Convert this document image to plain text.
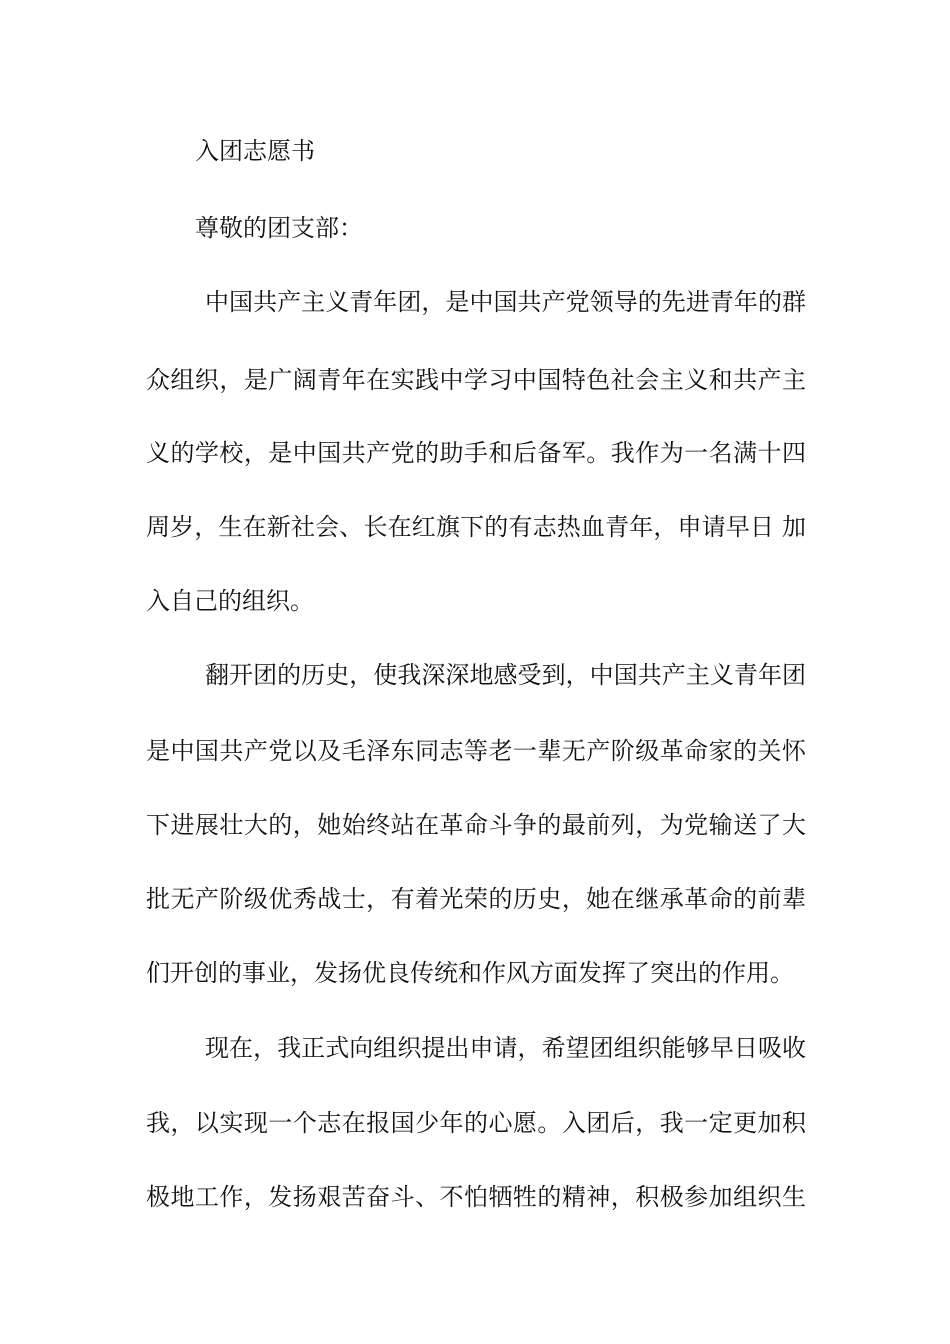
入团志愿书
尊敬的团支部：
中国共产主义青年团，是中国共产党领导的先进青年的群
众组织，是广阔青年在实践中学习中国特色社会主义和共产主
义的学校，是中国共产党的助手和后备军。我作为一名满十四
周岁，生在新社会、长在红旗下的有志热血青年，申请早日 加
入自己的组织。
翻开团的历史，使我深深地感受到，中国共产主义青年团
是中国共产党以及毛泽东同志等老一辈无产阶级革命家的关怀
下进展壮大的，她始终站在革命斗争的最前列，为党输送了大
批无产阶级优秀战士，有着光荣的历史，她在继承革命的前辈
们开创的事业，发扬优良传统和作风方面发挥了突出的作用。
现在，我正式向组织提出申请，希望团组织能够早日吸收
我，以实现一个志在报国少年的心愿。入团后，我一定更加积
极地工作，发扬艰苦奋斗、不怕牺牲的精神，积极参加组织生
